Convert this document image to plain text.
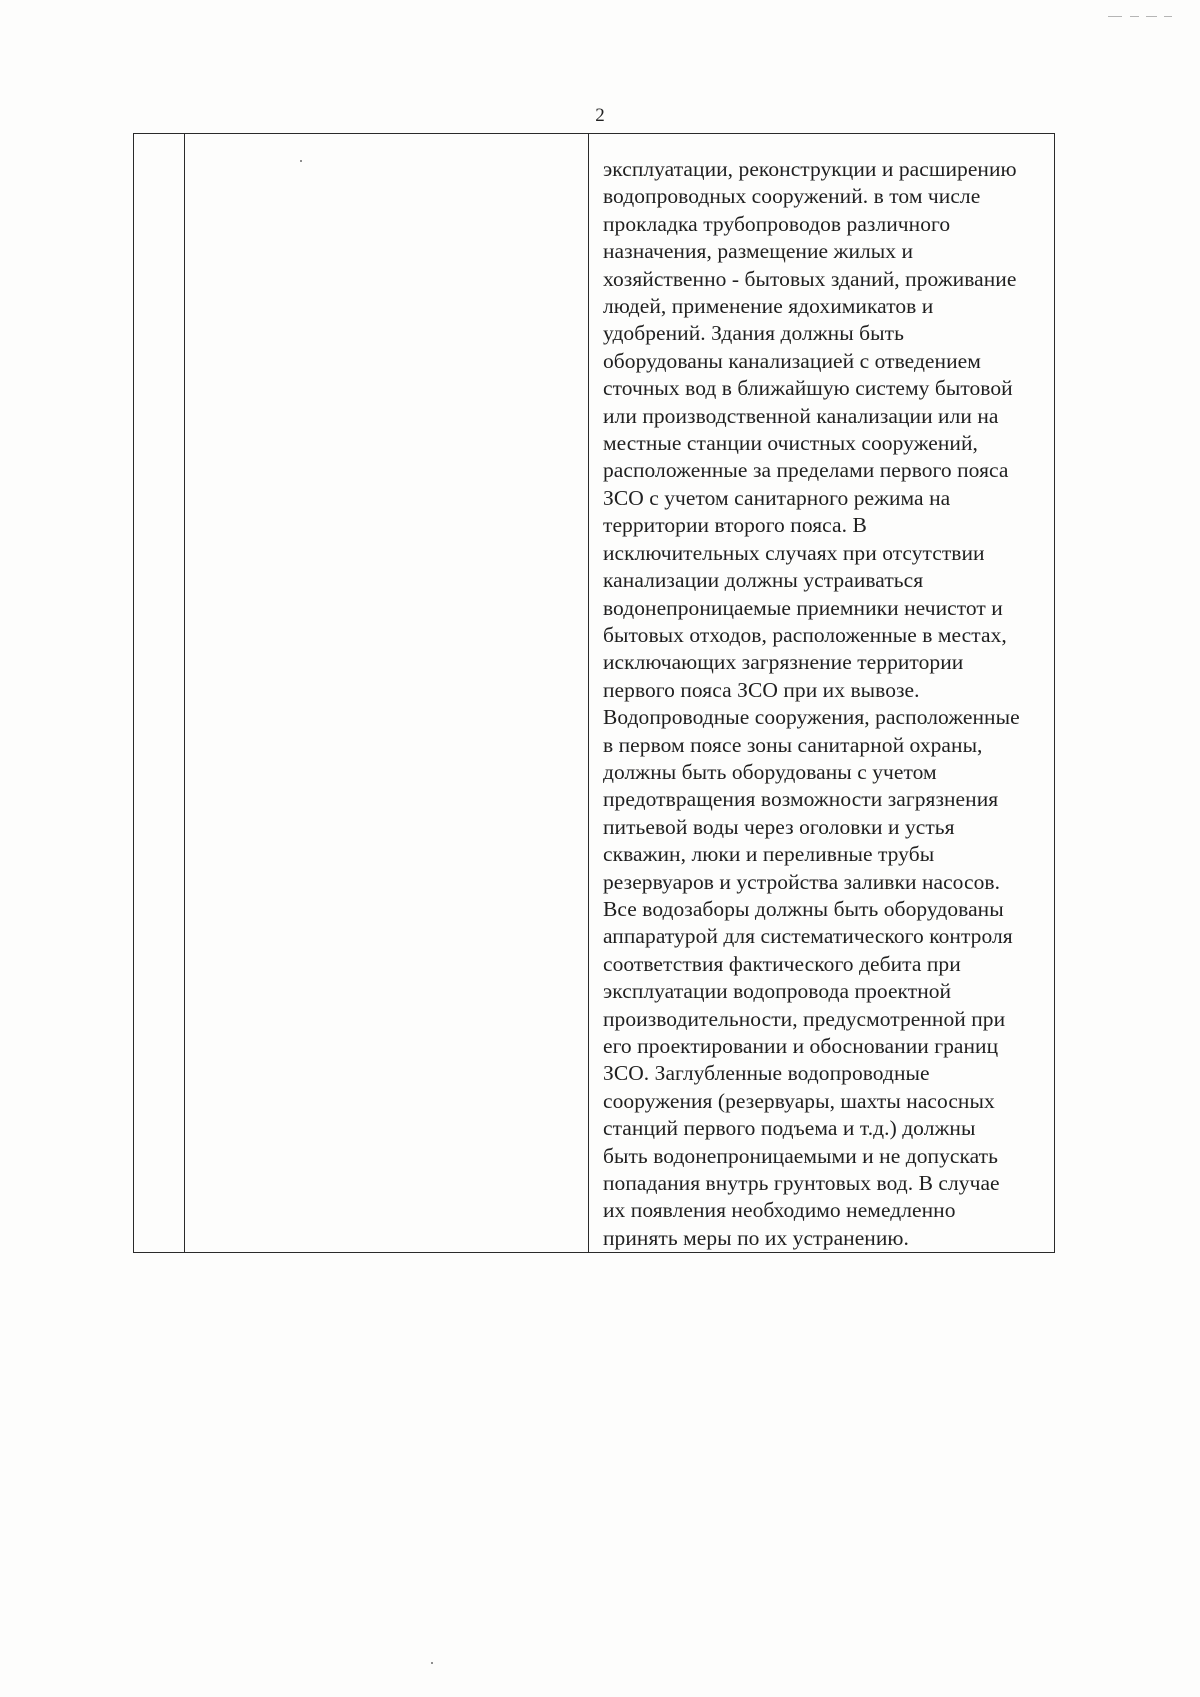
2

эксплуатации, реконструкции и расширению
водопроводных сооружений. в том числе
прокладка трубопроводов различного
назначения, размещение жилых и
хозяйственно - бытовых зданий, проживание
людей, применение ядохимикатов и
удобрений. Здания должны быть
оборудованы канализацией с отведением
сточных вод в ближайшую систему бытовой
или производственной канализации или на
местные станции очистных сооружений,
расположенные за пределами первого пояса
ЗСО с учетом санитарного режима на
территории второго пояса. В
исключительных случаях при отсутствии
канализации должны устраиваться
водонепроницаемые приемники нечистот и
бытовых отходов, расположенные в местах,
исключающих загрязнение территории
первого пояса ЗСО при их вывозе.
Водопроводные сооружения, расположенные
в первом поясе зоны санитарной охраны,
должны быть оборудованы с учетом
предотвращения возможности загрязнения
питьевой воды через оголовки и устья
скважин, люки и переливные трубы
резервуаров и устройства заливки насосов.
Все водозаборы должны быть оборудованы
аппаратурой для систематического контроля
соответствия фактического дебита при
эксплуатации водопровода проектной
производительности, предусмотренной при
его проектировании и обосновании границ
ЗСО. Заглубленные водопроводные
сооружения (резервуары, шахты насосных
станций первого подъема и т.д.) должны
быть водонепроницаемыми и не допускать
попадания внутрь грунтовых вод. В случае
их появления необходимо немедленно
принять меры по их устранению.
